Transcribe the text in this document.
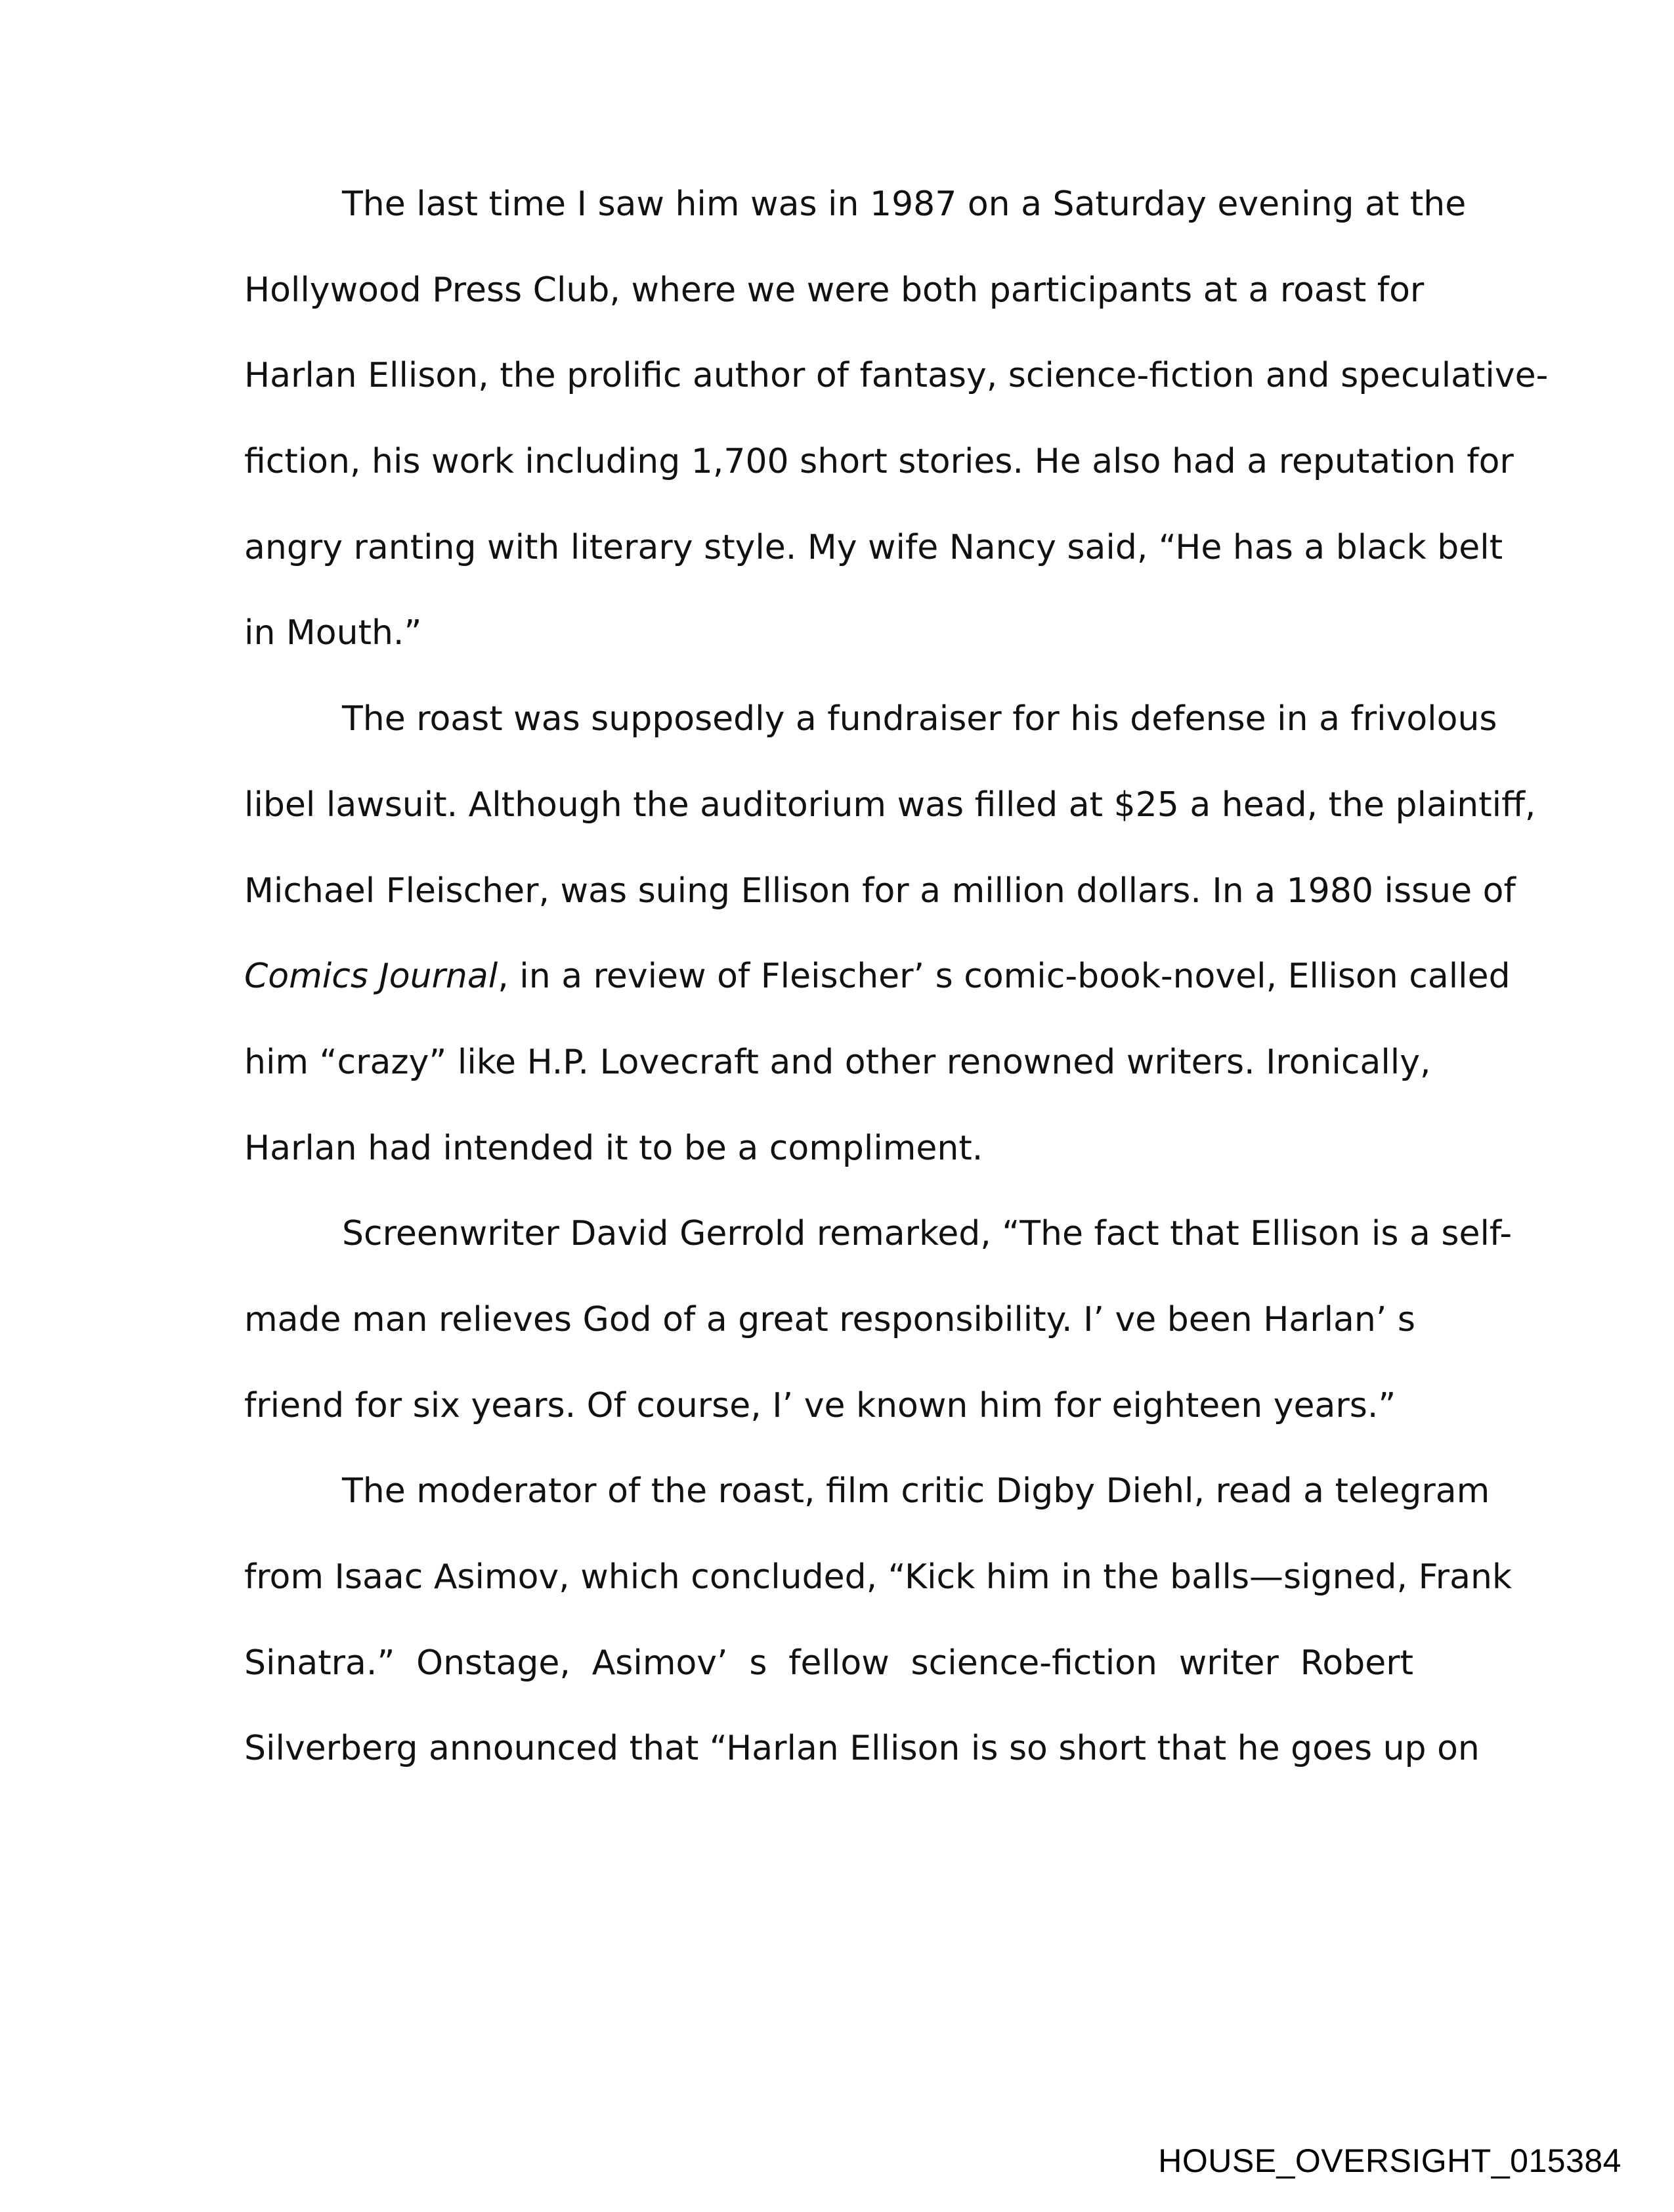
The last time I saw him was in 1987 on a Saturday evening at the
Hollywood Press Club, where we were both participants at a roast for
Harlan Ellison, the prolific author of fantasy, science-fiction and speculative-
fiction, his work including 1,700 short stories. He also had a reputation for
angry ranting with literary style. My wife Nancy said, “He has a black belt
in Mouth.”
The roast was supposedly a fundraiser for his defense in a frivolous
libel lawsuit. Although the auditorium was filled at $25 a head, the plaintiff,
Michael Fleischer, was suing Ellison for a million dollars. In a 1980 issue of
Comics Journal, in a review of Fleischer’ s comic-book-novel, Ellison called
him “crazy” like H.P. Lovecraft and other renowned writers. Ironically,
Harlan had intended it to be a compliment.
Screenwriter David Gerrold remarked, “The fact that Ellison is a self-
made man relieves God of a great responsibility. I’ ve been Harlan’ s
friend for six years. Of course, I’ ve known him for eighteen years.”
The moderator of the roast, film critic Digby Diehl, read a telegram
from Isaac Asimov, which concluded, “Kick him in the balls—signed, Frank
Sinatra.” Onstage, Asimov’ s fellow science-fiction writer Robert
Silverberg announced that “Harlan Ellison is so short that he goes up on
HOUSE_OVERSIGHT_015384
